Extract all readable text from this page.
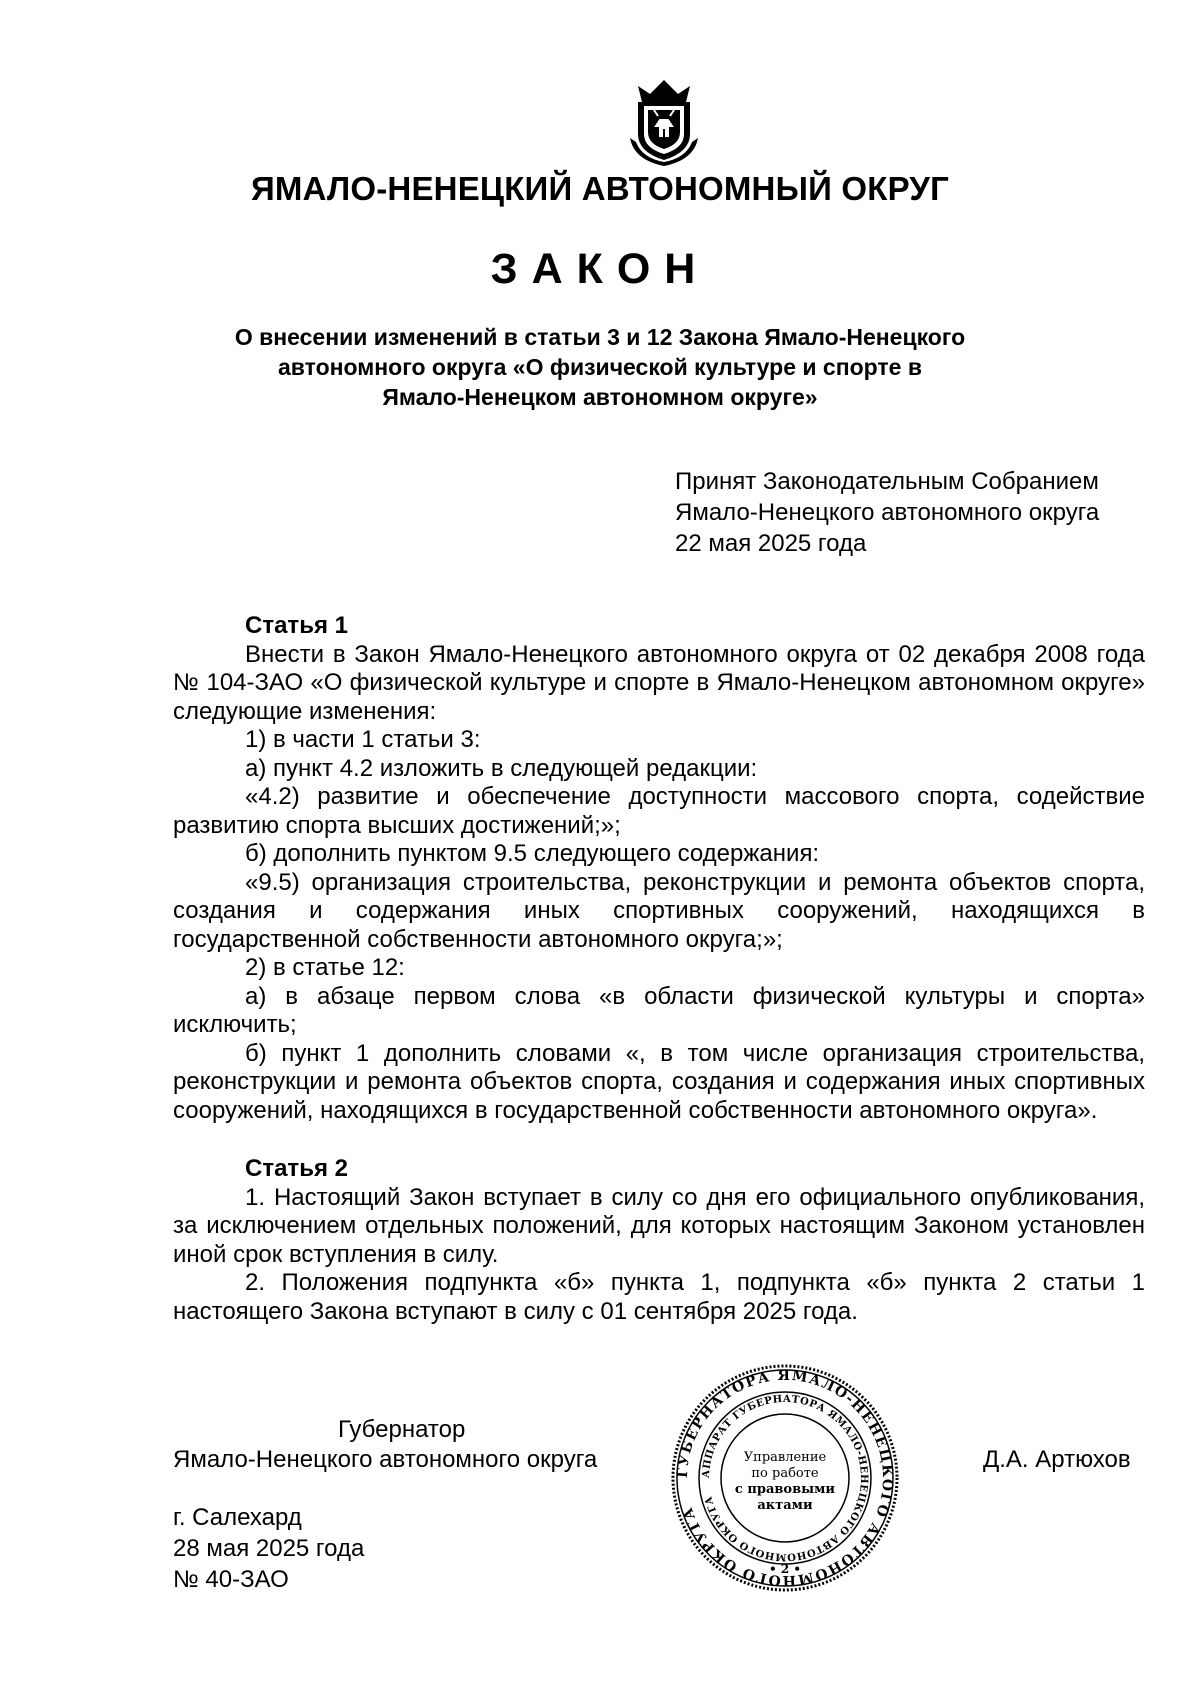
ЯМАЛО-НЕНЕЦКИЙ АВТОНОМНЫЙ ОКРУГ
ЗАКОН
О внесении изменений в статьи 3 и 12 Закона Ямало-Ненецкого
автономного округа «О физической культуре и спорте в
Ямало-Ненецком автономном округе»
Принят Законодательным Собранием
Ямало-Ненецкого автономного округа
22 мая 2025 года
Статья 1

Внести в Закон Ямало-Ненецкого автономного округа от 02 декабря 2008 года № 104-ЗАО «О физической культуре и спорте в Ямало-Ненецком автономном округе» следующие изменения:

1) в части 1 статьи 3:

а) пункт 4.2 изложить в следующей редакции:

«4.2) развитие и обеспечение доступности массового спорта, содействие развитию спорта высших достижений;»;

б) дополнить пунктом 9.5 следующего содержания:

«9.5) организация строительства, реконструкции и ремонта объектов спорта, создания и содержания иных спортивных сооружений, находящихся в государственной собственности автономного округа;»;

2) в статье 12:

а) в абзаце первом слова «в области физической культуры и спорта» исключить;

б) пункт 1 дополнить словами «, в том числе организация строительства, реконструкции и ремонта объектов спорта, создания и содержания иных спортивных сооружений, находящихся в государственной собственности автономного округа».

Статья 2

1. Настоящий Закон вступает в силу со дня его официального опубликования, за исключением отдельных положений, для которых настоящим Законом установлен иной срок вступления в силу.

2. Положения подпункта «б» пункта 1, подпункта «б» пункта 2 статьи 1 настоящего Закона вступают в силу с 01 сентября 2025 года.

Губернатор
Ямало-Ненецкого автономного округа	Д.А. Артюхов
г. Салехард
28 мая 2025 года
№ 40-ЗАО
ГУБЕРНАТОРА ЯМАЛО-НЕНЕЦКОГО АВТОНОМНОГО ОКРУГА
АППАРАТ ГУБЕРНАТОРА ЯМАЛО-НЕНЕЦКОГО АВТОНОМНОГО ОКРУГА
Управление
по работе
с правовыми
актами
• 2 •
